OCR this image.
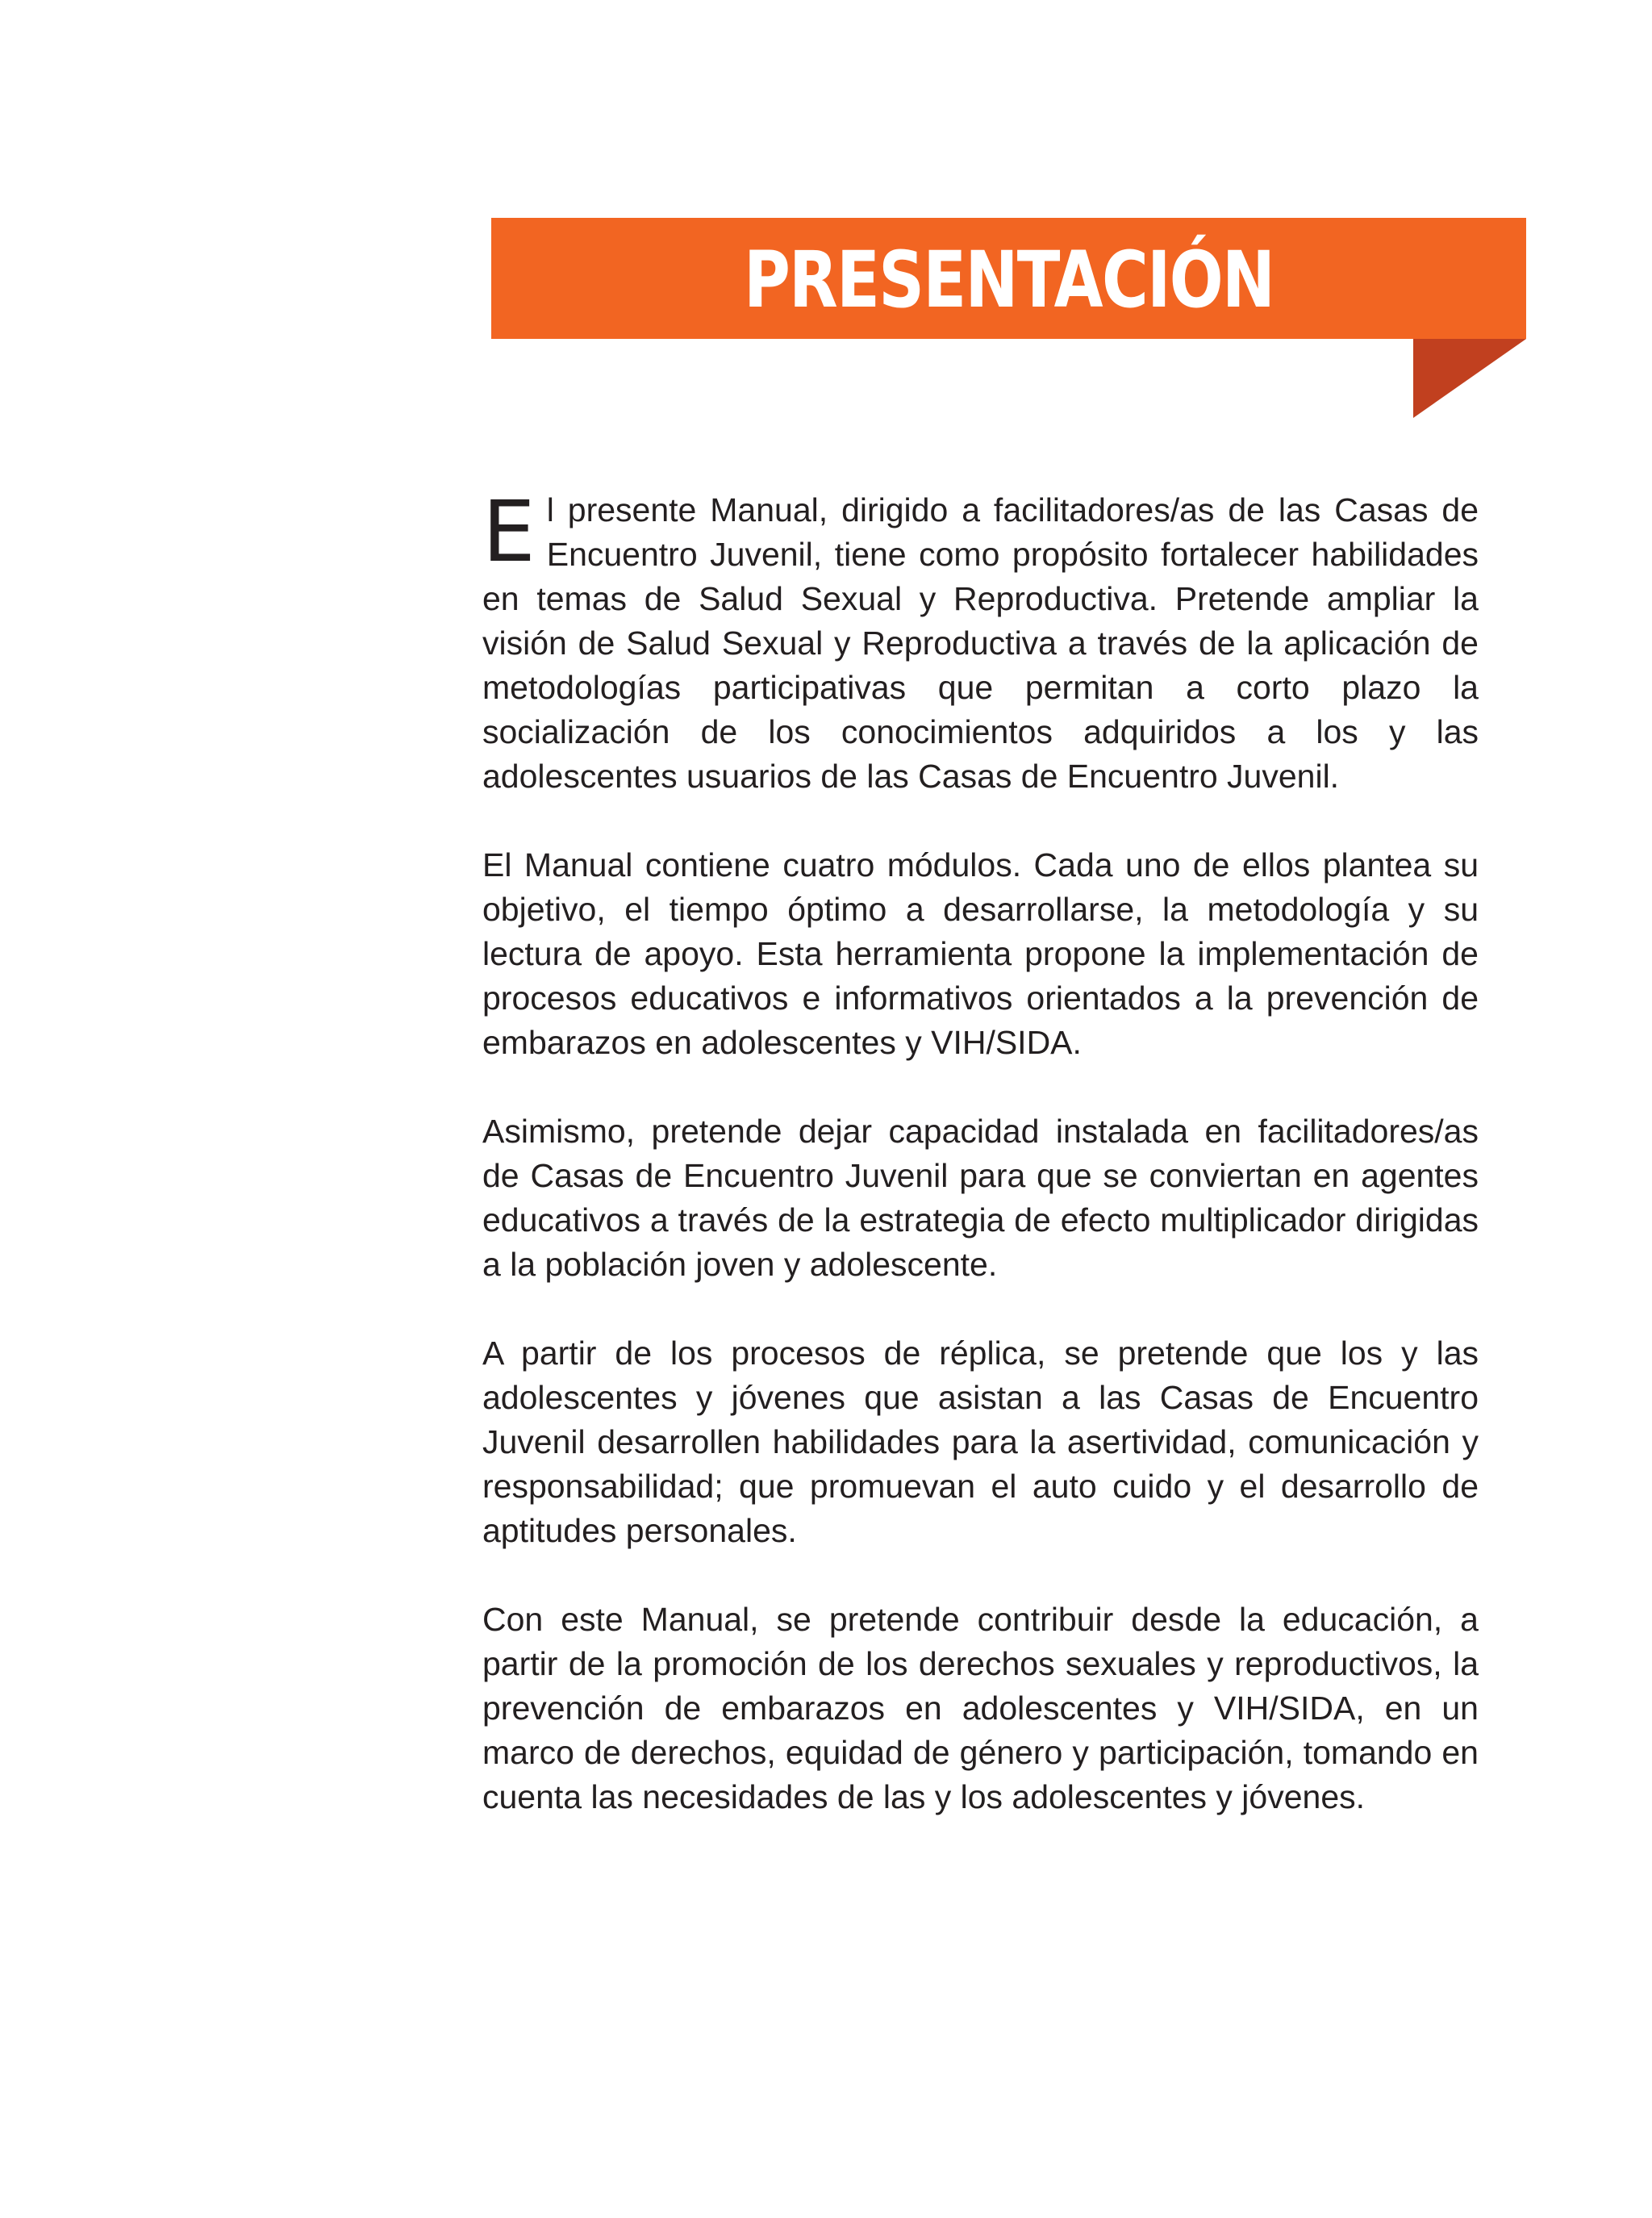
PRESENTACIÓN

E l presente Manual, dirigido a facilitadores/as de las Casas de Encuentro Juvenil, tiene como propósito fortalecer habilidades en temas de Salud Sexual y Reproductiva. Pretende ampliar la visión de Salud Sexual y Reproductiva a través de la aplicación de metodologías participativas que permitan a corto plazo la socialización de los conocimientos adquiridos a los y las adolescentes usuarios de las Casas de Encuentro Juvenil.

El Manual contiene cuatro módulos. Cada uno de ellos plantea su objetivo, el tiempo óptimo a desarrollarse, la metodología y su lectura de apoyo. Esta herramienta propone la implementación de procesos educativos e informativos orientados a la prevención de embarazos en adolescentes y VIH/SIDA.

Asimismo, pretende dejar capacidad instalada en facilitadores/as de Casas de Encuentro Juvenil para que se conviertan en agentes educativos a través de la estrategia de efecto multiplicador dirigidas a la población joven y adolescente.

A partir de los procesos de réplica, se pretende que los y las adolescentes y jóvenes que asistan a las Casas de Encuentro Juvenil desarrollen habilidades para la asertividad, comunicación y responsabilidad; que promuevan el auto cuido y el desarrollo de aptitudes personales.

Con este Manual, se pretende contribuir desde la educación, a partir de la promoción de los derechos sexuales y reproductivos, la prevención de embarazos en adolescentes y VIH/SIDA, en un marco de derechos, equidad de género y participación, tomando en cuenta las necesidades de las y los adolescentes y jóvenes.
